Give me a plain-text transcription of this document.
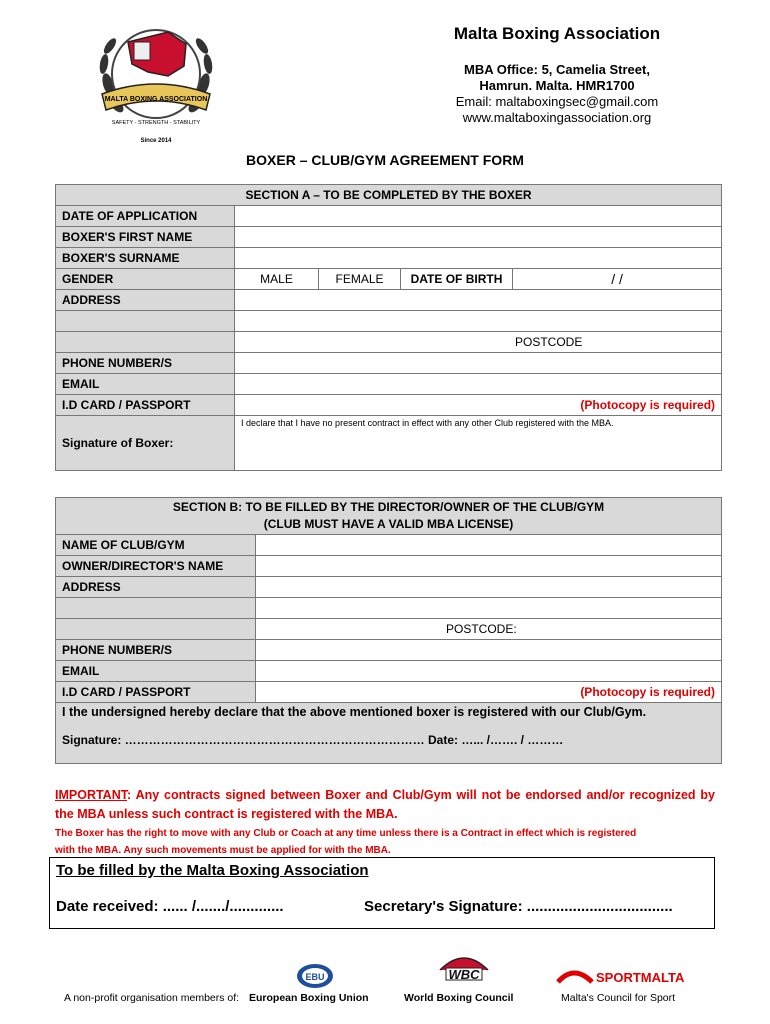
MALTA BOXING ASSOCIATION
SAFETY - STRENGTH - STABILITY
Since 2014
Malta Boxing Association
MBA Office: 5, Camelia Street,
Hamrun. Malta. HMR1700
Email: maltaboxingsec@gmail.com
www.maltaboxingassociation.org
BOXER – CLUB/GYM AGREEMENT FORM
SECTION A – TO BE COMPLETED BY THE BOXER				
DATE OF APPLICATION				
BOXER'S FIRST NAME				
BOXER'S SURNAME				
GENDER	MALE	FEMALE	DATE OF BIRTH	/ /
ADDRESS				

	POSTCODE			
PHONE NUMBER/S				
EMAIL				
I.D CARD / PASSPORT	(Photocopy is required)			
Signature of Boxer:	I declare that I have no present contract in effect with any other Club registered with the MBA.			
SECTION B: TO BE FILLED BY THE DIRECTOR/OWNER OF THE CLUB/GYM
(CLUB MUST HAVE A VALID MBA LICENSE)	

NAME OF CLUB/GYM	
OWNER/DIRECTOR'S NAME	
ADDRESS	

	POSTCODE:
PHONE NUMBER/S	
EMAIL	
I.D CARD / PASSPORT	(Photocopy is required)

I the undersigned hereby declare that the above mentioned boxer is registered with our Club/Gym.
Signature: ………………………………………………………………… Date: …... /……. / ………	
IMPORTANT: Any contracts signed between Boxer and Club/Gym will not be endorsed and/or recognized by the MBA unless such contract is registered with the MBA.
The Boxer has the right to move with any Club or Coach at any time unless there is a Contract in effect which is registered
with the MBA. Any such movements must be applied for with the MBA.
To be filled by the Malta Boxing Association
Date received: ...... /......./.............	Secretary's Signature: ...................................
EBU	WBC	SPORTMALTA
A non-profit organisation members of: European Boxing Union	World Boxing Council	Malta's Council for Sport
